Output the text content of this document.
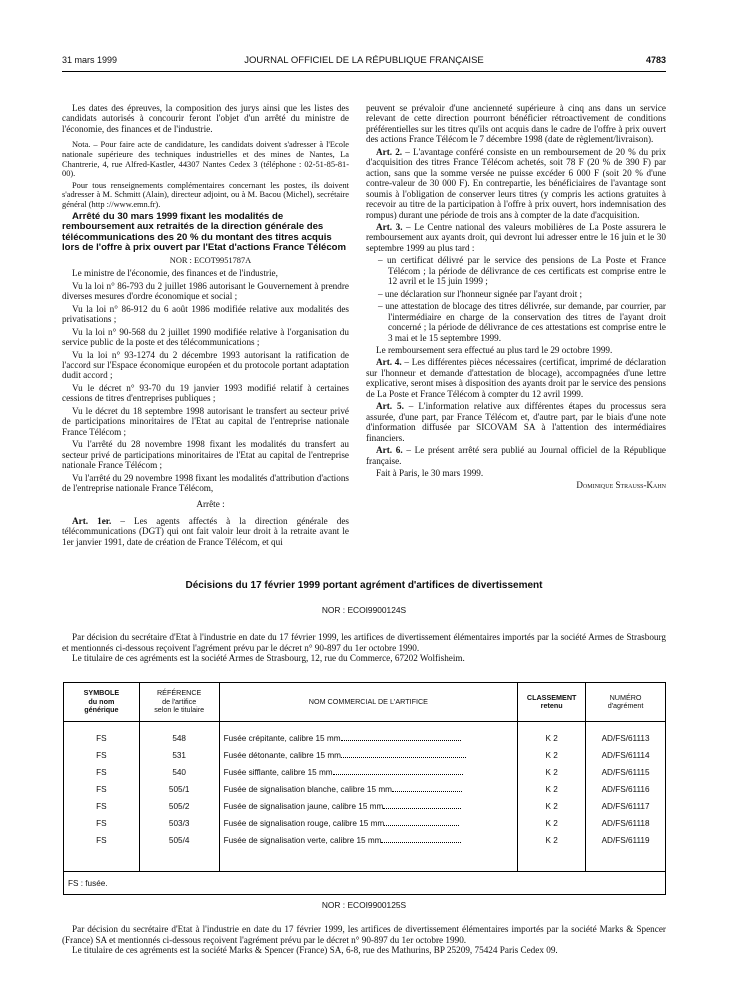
31 mars 1999	JOURNAL OFFICIEL DE LA RÉPUBLIQUE FRANÇAISE	4783

Les dates des épreuves, la composition des jurys ainsi que les listes des candidats autorisés à concourir feront l'objet d'un arrêté du ministre de l'économie, des finances et de l'industrie.

Nota. – Pour faire acte de candidature, les candidats doivent s'adresser à l'Ecole nationale supérieure des techniques industrielles et des mines de Nantes, La Chantrerie, 4, rue Alfred-Kastler, 44307 Nantes Cedex 3 (téléphone : 02-51-85-81-00).

Pour tous renseignements complémentaires concernant les postes, ils doivent s'adresser à M. Schmitt (Alain), directeur adjoint, ou à M. Bacou (Michel), secrétaire général (http ://www.emn.fr).

Arrêté du 30 mars 1999 fixant les modalités de remboursement aux retraités de la direction générale des télécommunications des 20 % du montant des titres acquis lors de l'offre à prix ouvert par l'Etat d'actions France Télécom

NOR : ECOT9951787A

Le ministre de l'économie, des finances et de l'industrie,

Vu la loi n° 86-793 du 2 juillet 1986 autorisant le Gouvernement à prendre diverses mesures d'ordre économique et social ;

Vu la loi n° 86-912 du 6 août 1986 modifiée relative aux modalités des privatisations ;

Vu la loi n° 90-568 du 2 juillet 1990 modifiée relative à l'organisation du service public de la poste et des télécommunications ;

Vu la loi n° 93-1274 du 2 décembre 1993 autorisant la ratification de l'accord sur l'Espace économique européen et du protocole portant adaptation dudit accord ;

Vu le décret n° 93-70 du 19 janvier 1993 modifié relatif à certaines cessions de titres d'entreprises publiques ;

Vu le décret du 18 septembre 1998 autorisant le transfert au secteur privé de participations minoritaires de l'Etat au capital de l'entreprise nationale France Télécom ;

Vu l'arrêté du 28 novembre 1998 fixant les modalités du transfert au secteur privé de participations minoritaires de l'Etat au capital de l'entreprise nationale France Télécom ;

Vu l'arrêté du 29 novembre 1998 fixant les modalités d'attribution d'actions de l'entreprise nationale France Télécom,

Arrête :

Art. 1er. – Les agents affectés à la direction générale des télécommunications (DGT) qui ont fait valoir leur droit à la retraite avant le 1er janvier 1991, date de création de France Télécom, et qui

peuvent se prévaloir d'une ancienneté supérieure à cinq ans dans un service relevant de cette direction pourront bénéficier rétroactivement de conditions préférentielles sur les titres qu'ils ont acquis dans le cadre de l'offre à prix ouvert des actions France Télécom le 7 décembre 1998 (date de règlement/livraison).

Art. 2. – L'avantage conféré consiste en un remboursement de 20 % du prix d'acquisition des titres France Télécom achetés, soit 78 F (20 % de 390 F) par action, sans que la somme versée ne puisse excéder 6 000 F (soit 20 % d'une contre-valeur de 30 000 F). En contrepartie, les bénéficiaires de l'avantage sont soumis à l'obligation de conserver leurs titres (y compris les actions gratuites à recevoir au titre de la participation à l'offre à prix ouvert, hors indemnisation des rompus) durant une période de trois ans à compter de la date d'acquisition.

Art. 3. – Le Centre national des valeurs mobilières de La Poste assurera le remboursement aux ayants droit, qui devront lui adresser entre le 16 juin et le 30 septembre 1999 au plus tard :

– un certificat délivré par le service des pensions de La Poste et France Télécom ; la période de délivrance de ces certificats est comprise entre le 12 avril et le 15 juin 1999 ;

– une déclaration sur l'honneur signée par l'ayant droit ;

– une attestation de blocage des titres délivrée, sur demande, par courrier, par l'intermédiaire en charge de la conservation des titres de l'ayant droit concerné ; la période de délivrance de ces attestations est comprise entre le 3 mai et le 15 septembre 1999.

Le remboursement sera effectué au plus tard le 29 octobre 1999.

Art. 4. – Les différentes pièces nécessaires (certificat, imprimé de déclaration sur l'honneur et demande d'attestation de blocage), accompagnées d'une lettre explicative, seront mises à disposition des ayants droit par le service des pensions de La Poste et France Télécom à compter du 12 avril 1999.

Art. 5. – L'information relative aux différentes étapes du processus sera assurée, d'une part, par France Télécom et, d'autre part, par le biais d'une note d'information diffusée par SICOVAM SA à l'attention des intermédiaires financiers.

Art. 6. – Le présent arrêté sera publié au Journal officiel de la République française.

Fait à Paris, le 30 mars 1999.

Dominique Strauss-Kahn

Décisions du 17 février 1999 portant agrément d'artifices de divertissement
NOR : ECOI9900124S

Par décision du secrétaire d'Etat à l'industrie en date du 17 février 1999, les artifices de divertissement élémentaires importés par la société Armes de Strasbourg et mentionnés ci-dessous reçoivent l'agrément prévu par le décret n° 90-897 du 1er octobre 1990.

Le titulaire de ces agréments est la société Armes de Strasbourg, 12, rue du Commerce, 67202 Wolfisheim.

SYMBOLE
du nom
générique	RÉFÉRENCE
de l'artifice
selon le titulaire	NOM COMMERCIAL DE L'ARTIFICE	CLASSEMENT
retenu	NUMÉRO
d'agrément

FS	548	Fusée crépitante, calibre 15 mm	K 2	AD/FS/61113
FS	531	Fusée détonante, calibre 15 mm	K 2	AD/FS/61114
FS	540	Fusée sifflante, calibre 15 mm	K 2	AD/FS/61115
FS	505/1	Fusée de signalisation blanche, calibre 15 mm	K 2	AD/FS/61116
FS	505/2	Fusée de signalisation jaune, calibre 15 mm	K 2	AD/FS/61117
FS	503/3	Fusée de signalisation rouge, calibre 15 mm	K 2	AD/FS/61118
FS	505/4	Fusée de signalisation verte, calibre 15 mm	K 2	AD/FS/61119

FS : fusée.				
NOR : ECOI9900125S

Par décision du secrétaire d'Etat à l'industrie en date du 17 février 1999, les artifices de divertissement élémentaires importés par la société Marks & Spencer (France) SA et mentionnés ci-dessous reçoivent l'agrément prévu par le décret n° 90-897 du 1er octobre 1990.

Le titulaire de ces agréments est la société Marks & Spencer (France) SA, 6-8, rue des Mathurins, BP 25209, 75424 Paris Cedex 09.
